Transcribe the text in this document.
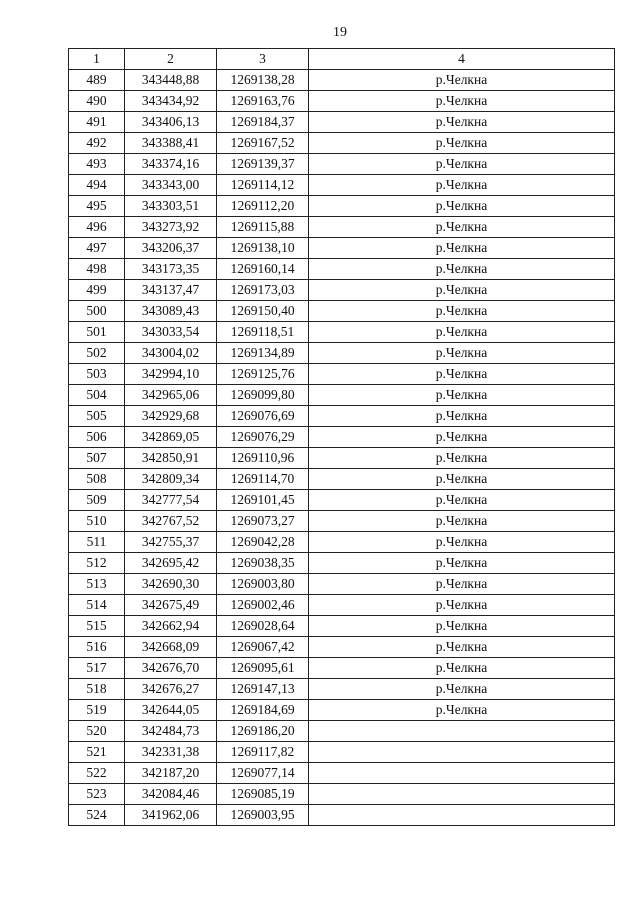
19
1	2	3	4
489	343448,88	1269138,28	р.Челкна
490	343434,92	1269163,76	р.Челкна
491	343406,13	1269184,37	р.Челкна
492	343388,41	1269167,52	р.Челкна
493	343374,16	1269139,37	р.Челкна
494	343343,00	1269114,12	р.Челкна
495	343303,51	1269112,20	р.Челкна
496	343273,92	1269115,88	р.Челкна
497	343206,37	1269138,10	р.Челкна
498	343173,35	1269160,14	р.Челкна
499	343137,47	1269173,03	р.Челкна
500	343089,43	1269150,40	р.Челкна
501	343033,54	1269118,51	р.Челкна
502	343004,02	1269134,89	р.Челкна
503	342994,10	1269125,76	р.Челкна
504	342965,06	1269099,80	р.Челкна
505	342929,68	1269076,69	р.Челкна
506	342869,05	1269076,29	р.Челкна
507	342850,91	1269110,96	р.Челкна
508	342809,34	1269114,70	р.Челкна
509	342777,54	1269101,45	р.Челкна
510	342767,52	1269073,27	р.Челкна
511	342755,37	1269042,28	р.Челкна
512	342695,42	1269038,35	р.Челкна
513	342690,30	1269003,80	р.Челкна
514	342675,49	1269002,46	р.Челкна
515	342662,94	1269028,64	р.Челкна
516	342668,09	1269067,42	р.Челкна
517	342676,70	1269095,61	р.Челкна
518	342676,27	1269147,13	р.Челкна
519	342644,05	1269184,69	р.Челкна
520	342484,73	1269186,20	
521	342331,38	1269117,82	
522	342187,20	1269077,14	
523	342084,46	1269085,19	
524	341962,06	1269003,95	
